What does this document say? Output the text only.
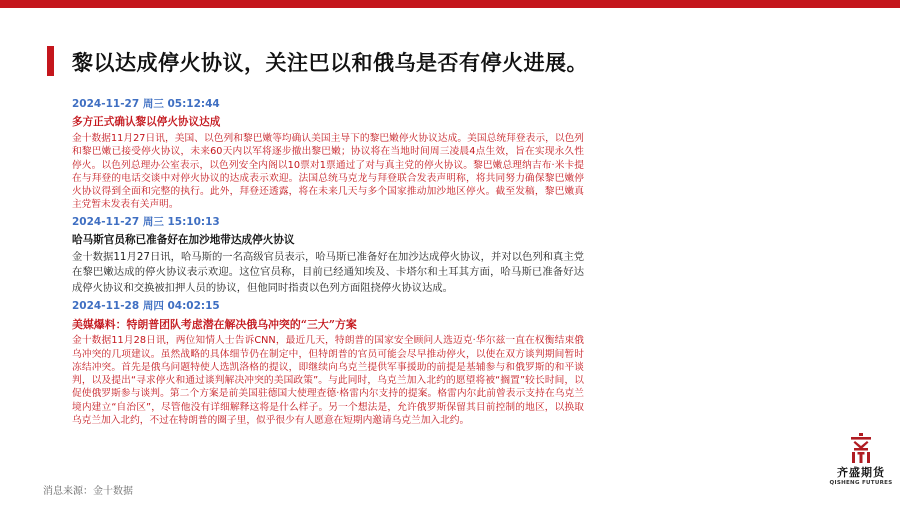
黎以达成停火协议，关注巴以和俄乌是否有停火进展。
2024-11-27 周三 05:12:44
多方正式确认黎以停火协议达成
金十数据11月27日讯，美国、以色列和黎巴嫩等均确认美国主导下的黎巴嫩停火协议达成。美国总统拜登表示，以色列和黎巴嫩已接受停火协议，未来60天内以军将逐步撤出黎巴嫩；协议将在当地时间周三凌晨4点生效，旨在实现永久性停火。以色列总理办公室表示，以色列安全内阁以10票对1票通过了对与真主党的停火协议。黎巴嫩总理纳吉布·米卡提在与拜登的电话交谈中对停火协议的达成表示欢迎。法国总统马克龙与拜登联合发表声明称，将共同努力确保黎巴嫩停火协议得到全面和完整的执行。此外，拜登还透露，将在未来几天与多个国家推动加沙地区停火。截至发稿，黎巴嫩真主党暂未发表有关声明。
2024-11-27 周三 15:10:13
哈马斯官员称已准备好在加沙地带达成停火协议
金十数据11月27日讯，哈马斯的一名高级官员表示，哈马斯已准备好在加沙达成停火协议，并对以色列和真主党在黎巴嫩达成的停火协议表示欢迎。这位官员称，目前已经通知埃及、卡塔尔和土耳其方面，哈马斯已准备好达成停火协议和交换被扣押人员的协议，但他同时指责以色列方面阻挠停火协议达成。
2024-11-28 周四 04:02:15
美媒爆料：特朗普团队考虑潜在解决俄乌冲突的“三大”方案
金十数据11月28日讯，两位知情人士告诉CNN，最近几天，特朗普的国家安全顾问人选迈克·华尔兹一直在权衡结束俄乌冲突的几项建议。虽然战略的具体细节仍在制定中，但特朗普的官员可能会尽早推动停火，以使在双方谈判期间暂时冻结冲突。首先是俄乌问题特使人选凯洛格的提议，即继续向乌克兰提供军事援助的前提是基辅参与和俄罗斯的和平谈判，以及提出“寻求停火和通过谈判解决冲突的美国政策”。与此同时，乌克兰加入北约的愿望将被“搁置”较长时间，以促使俄罗斯参与谈判。第二个方案是前美国驻德国大使理查德·格雷内尔支持的提案。格雷内尔此前曾表示支持在乌克兰境内建立“自治区”，尽管他没有详细解释这将是什么样子。另一个想法是，允许俄罗斯保留其目前控制的地区，以换取乌克兰加入北约，不过在特朗普的圈子里，似乎很少有人愿意在短期内邀请乌克兰加入北约。

消息来源：金十数据

齐盛期货
QISHENG FUTURES
